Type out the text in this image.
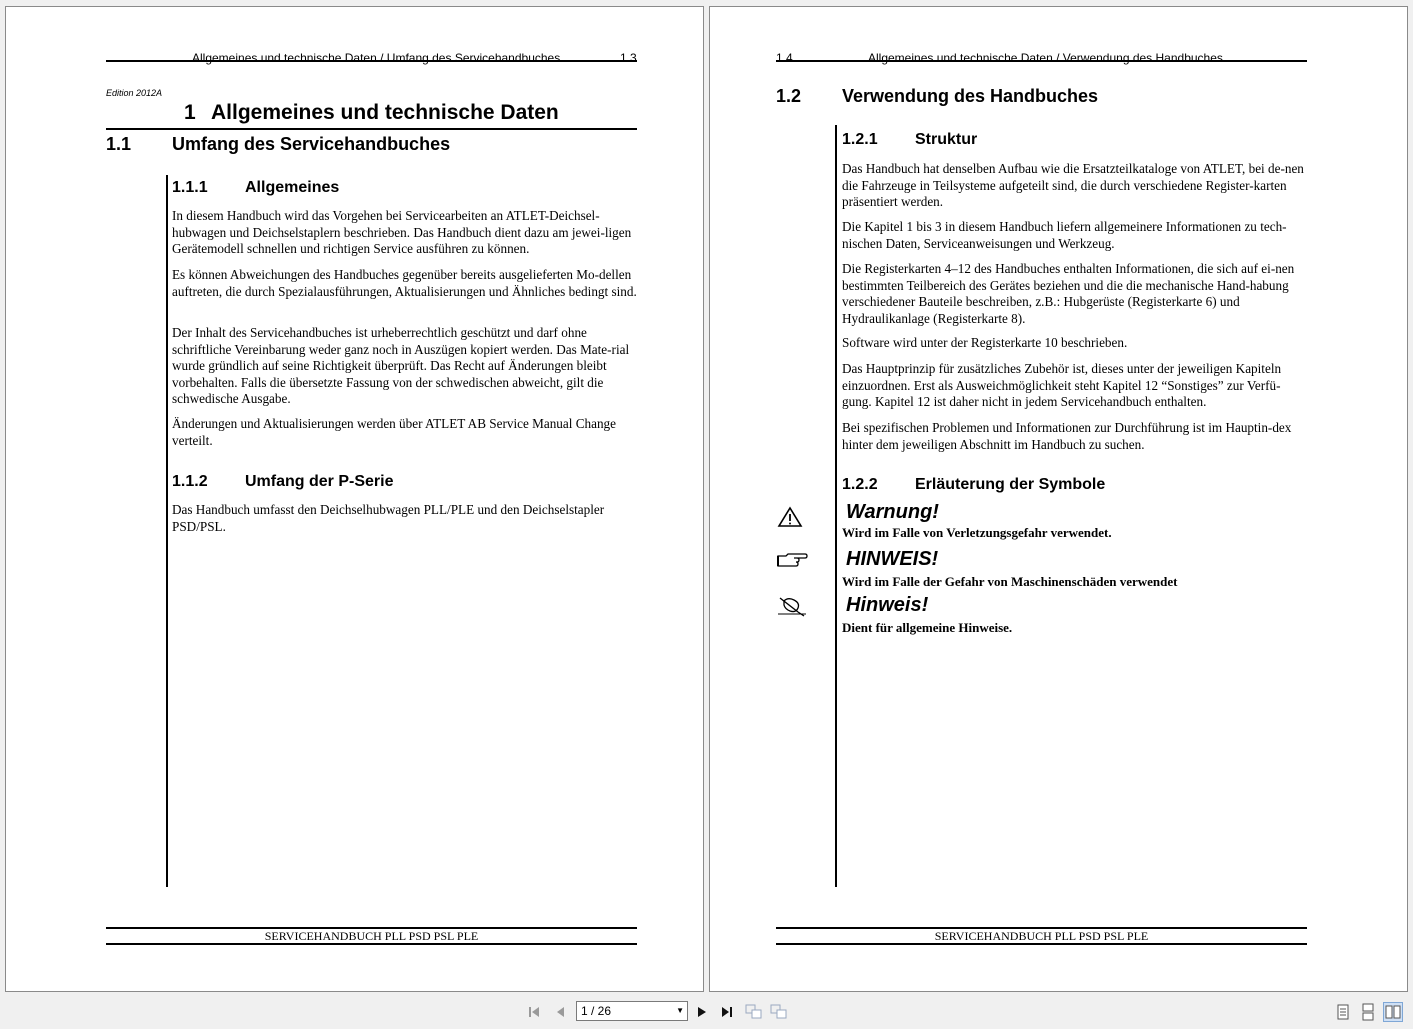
Allgemeines und technische Daten / Umfang des Servicehandbuches	1.3
Edition 2012A
1 Allgemeines und technische Daten
1.1 Umfang des Servicehandbuches
1.1.1 Allgemeines

In diesem Handbuch wird das Vorgehen bei Servicearbeiten an ATLET-Deichsel-hubwagen und Deichselstaplern beschrieben. Das Handbuch dient dazu am jewei-ligen Gerätemodell schnellen und richtigen Service ausführen zu können.

Es können Abweichungen des Handbuches gegenüber bereits ausgelieferten Mo-dellen auftreten, die durch Spezialausführungen, Aktualisierungen und Ähnliches bedingt sind.

Der Inhalt des Servicehandbuches ist urheberrechtlich geschützt und darf ohne schriftliche Vereinbarung weder ganz noch in Auszügen kopiert werden. Das Mate-rial wurde gründlich auf seine Richtigkeit überprüft. Das Recht auf Änderungen bleibt vorbehalten. Falls die übersetzte Fassung von der schwedischen abweicht, gilt die schwedische Ausgabe.

Änderungen und Aktualisierungen werden über ATLET AB Service Manual Change verteilt.

1.1.2 Umfang der P-Serie

Das Handbuch umfasst den Deichselhubwagen PLL/PLE und den Deichselstapler PSD/PSL.

SERVICEHANDBUCH PLL PSD PSL PLE
1.4	Allgemeines und technische Daten / Verwendung des Handbuches
1.2 Verwendung des Handbuches
1.2.1 Struktur

Das Handbuch hat denselben Aufbau wie die Ersatzteilkataloge von ATLET, bei de-nen die Fahrzeuge in Teilsysteme aufgeteilt sind, die durch verschiedene Register-karten präsentiert werden.

Die Kapitel 1 bis 3 in diesem Handbuch liefern allgemeinere Informationen zu tech-nischen Daten, Serviceanweisungen und Werkzeug.

Die Registerkarten 4–12 des Handbuches enthalten Informationen, die sich auf ei-nen bestimmten Teilbereich des Gerätes beziehen und die die mechanische Hand-habung verschiedener Bauteile beschreiben, z.B.: Hubgerüste (Registerkarte 6) und Hydraulikanlage (Registerkarte 8).

Software wird unter der Registerkarte 10 beschrieben.

Das Hauptprinzip für zusätzliches Zubehör ist, dieses unter der jeweiligen Kapiteln einzuordnen. Erst als Ausweichmöglichkeit steht Kapitel 12 “Sonstiges” zur Verfü-gung. Kapitel 12 ist daher nicht in jedem Servicehandbuch enthalten.

Bei spezifischen Problemen und Informationen zur Durchführung ist im Hauptin-dex hinter dem jeweiligen Abschnitt im Handbuch zu suchen.

1.2.2 Erläuterung der Symbole
Warnung!
Wird im Falle von Verletzungsgefahr verwendet.
HINWEIS!
Wird im Falle der Gefahr von Maschinenschäden verwendet
Hinweis!
Dient für allgemeine Hinweise.
SERVICEHANDBUCH PLL PSD PSL PLE
1 / 26	▼
